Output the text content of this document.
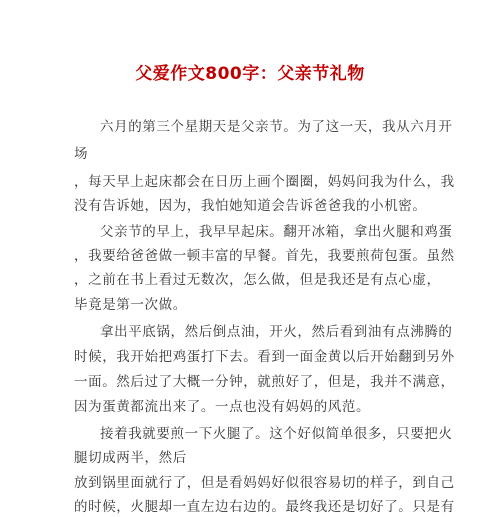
父爱作文800字：父亲节礼物
六月的第三个星期天是父亲节。为了这一天，我从六月开
场
，每天早上起床都会在日历上画个圈圈，妈妈问我为什么，我
没有告诉她，因为，我怕她知道会告诉爸爸我的小机密。
父亲节的早上，我早早起床。翻开冰箱，拿出火腿和鸡蛋
，我要给爸爸做一顿丰富的早餐。首先，我要煎荷包蛋。虽然
，之前在书上看过无数次，怎么做，但是我还是有点心虚，
毕竟是第一次做。
拿出平底锅，然后倒点油，开火，然后看到油有点沸腾的
时候，我开始把鸡蛋打下去。看到一面金黄以后开始翻到另外
一面。然后过了大概一分钟，就煎好了，但是，我并不满意，
因为蛋黄都流出来了。一点也没有妈妈的风范。
接着我就要煎一下火腿了。这个好似简单很多，只要把火
腿切成两半，然后
放到锅里面就行了，但是看妈妈好似很容易切的样子，到自己
的时候，火腿却一直左边右边的。最终我还是切好了。只是有
